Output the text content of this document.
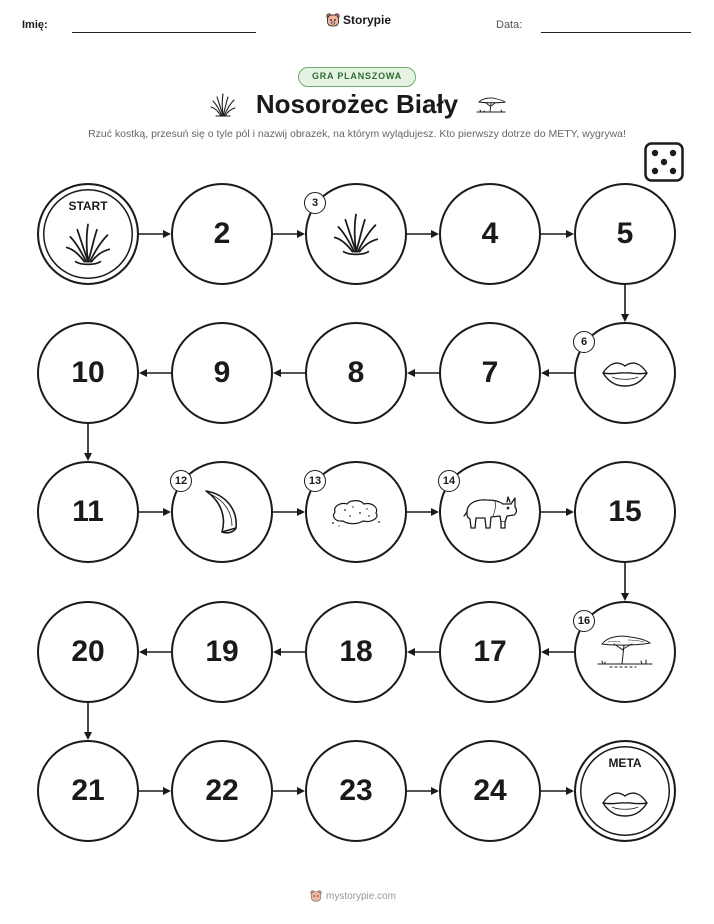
Imię:	Storypie	Data:
GRA PLANSZOWA
Nosorożec Biały
Rzuć kostką, przesuń się o tyle pól i nazwij obrazek, na którym wylądujesz. Kto pierwszy dotrze do METY, wygrywa!
START
2
3
4	5
6
7
8
9
10
11
12	13	14
15
16
17
18
19
20
21	22	23	24
META
mystorypie.com
